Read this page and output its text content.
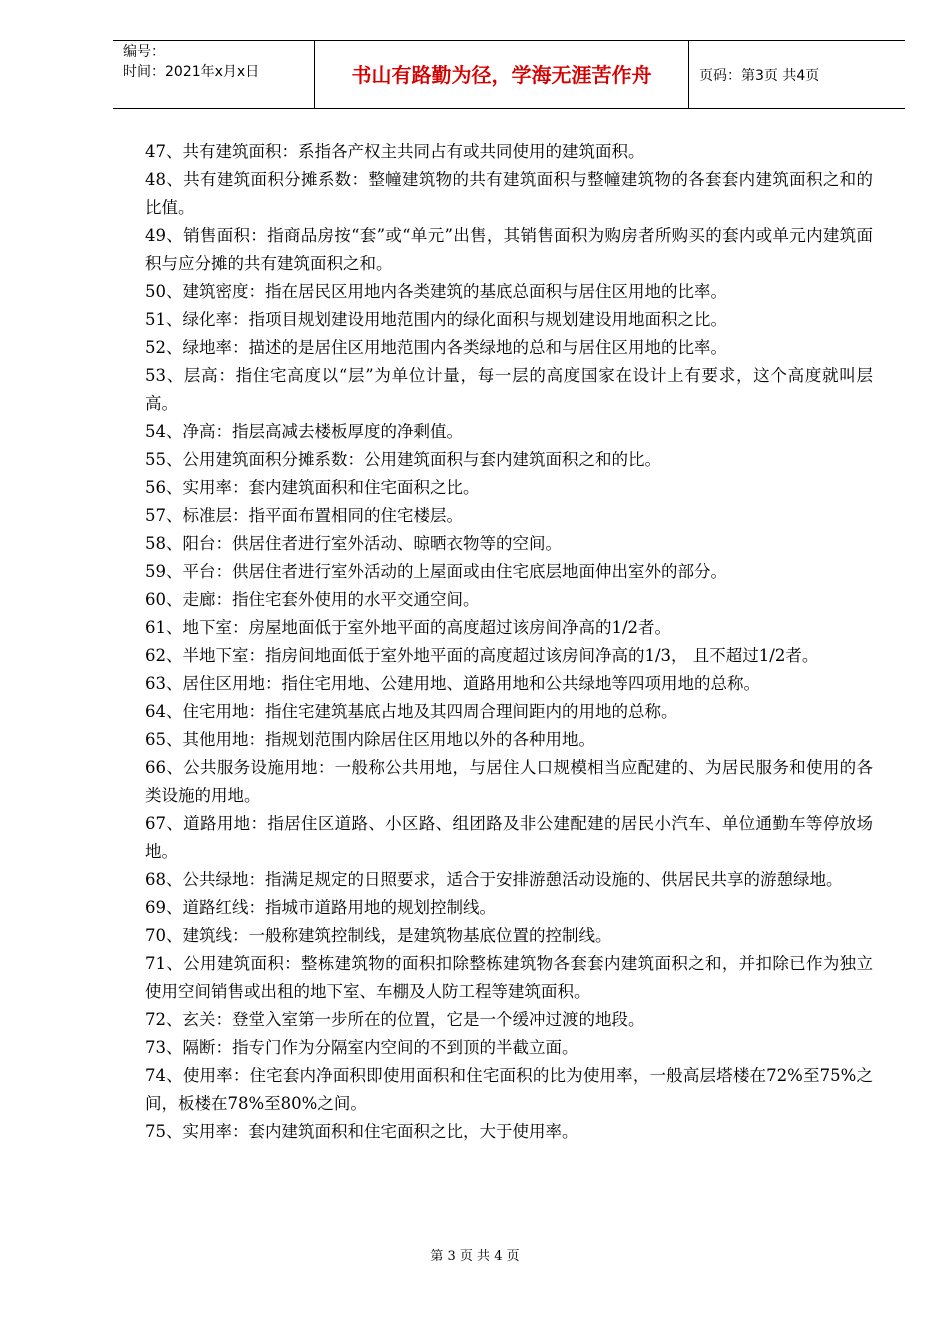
编号：
时间：2021年x月x日	书山有路勤为径，学海无涯苦作舟	页码：第3页 共4页

47、共有建筑面积：系指各产权主共同占有或共同使用的建筑面积。

48、共有建筑面积分摊系数：整幢建筑物的共有建筑面积与整幢建筑物的各套套内建筑面积之和的比值。

49、销售面积：指商品房按“套”或“单元”出售，其销售面积为购房者所购买的套内或单元内建筑面积与应分摊的共有建筑面积之和。

50、建筑密度：指在居民区用地内各类建筑的基底总面积与居住区用地的比率。

51、绿化率：指项目规划建设用地范围内的绿化面积与规划建设用地面积之比。

52、绿地率：描述的是居住区用地范围内各类绿地的总和与居住区用地的比率。

53、层高：指住宅高度以“层”为单位计量，每一层的高度国家在设计上有要求，这个高度就叫层高。

54、净高：指层高减去楼板厚度的净剩值。

55、公用建筑面积分摊系数：公用建筑面积与套内建筑面积之和的比。

56、实用率：套内建筑面积和住宅面积之比。

57、标准层：指平面布置相同的住宅楼层。

58、阳台：供居住者进行室外活动、晾晒衣物等的空间。

59、平台：供居住者进行室外活动的上屋面或由住宅底层地面伸出室外的部分。

60、走廊：指住宅套外使用的水平交通空间。

61、地下室：房屋地面低于室外地平面的高度超过该房间净高的1/2者。

62、半地下室：指房间地面低于室外地平面的高度超过该房间净高的1/3， 且不超过1/2者。

63、居住区用地：指住宅用地、公建用地、道路用地和公共绿地等四项用地的总称。

64、住宅用地：指住宅建筑基底占地及其四周合理间距内的用地的总称。

65、其他用地：指规划范围内除居住区用地以外的各种用地。

66、公共服务设施用地：一般称公共用地，与居住人口规模相当应配建的、为居民服务和使用的各类设施的用地。

67、道路用地：指居住区道路、小区路、组团路及非公建配建的居民小汽车、单位通勤车等停放场地。

68、公共绿地：指满足规定的日照要求，适合于安排游憩活动设施的、供居民共享的游憩绿地。

69、道路红线：指城市道路用地的规划控制线。

70、建筑线：一般称建筑控制线，是建筑物基底位置的控制线。

71、公用建筑面积：整栋建筑物的面积扣除整栋建筑物各套套内建筑面积之和，并扣除已作为独立使用空间销售或出租的地下室、车棚及人防工程等建筑面积。

72、玄关：登堂入室第一步所在的位置，它是一个缓冲过渡的地段。

73、隔断：指专门作为分隔室内空间的不到顶的半截立面。

74、使用率：住宅套内净面积即使用面积和住宅面积的比为使用率，一般高层塔楼在72%至75%之间，板楼在78%至80%之间。

75、实用率：套内建筑面积和住宅面积之比，大于使用率。

第 3 页 共 4 页
